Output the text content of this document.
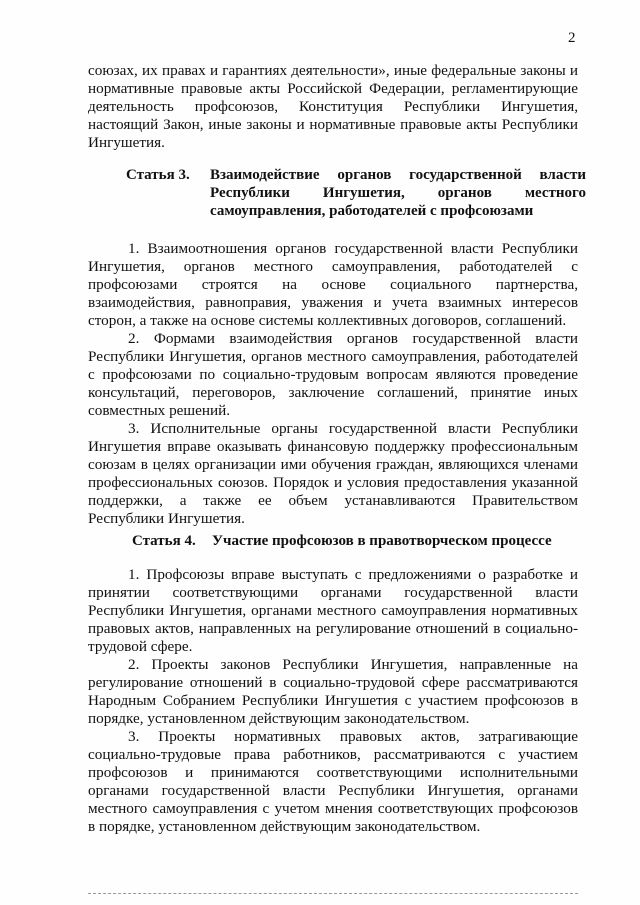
2

союзах, их правах и гарантиях деятельности», иные федеральные законы и нормативные правовые акты Российской Федерации, регламентирующие деятельность профсоюзов, Конституция Республики Ингушетия, настоящий Закон, иные законы и нормативные правовые акты Республики Ингушетия.

Статья 3.	Взаимодействие органов государственной власти Республики Ингушетия, органов местного самоуправления, работодателей с профсоюзами

1. Взаимоотношения органов государственной власти Республики Ингушетия, органов местного самоуправления, работодателей с профсоюзами строятся на основе социального партнерства, взаимодействия, равноправия, уважения и учета взаимных интересов сторон, а также на основе системы коллективных договоров, соглашений.

2. Формами взаимодействия органов государственной власти Республики Ингушетия, органов местного самоуправления, работодателей с профсоюзами по социально-трудовым вопросам являются проведение консультаций, переговоров, заключение соглашений, принятие иных совместных решений.

3. Исполнительные органы государственной власти Республики Ингушетия вправе оказывать финансовую поддержку профессиональным союзам в целях организации ими обучения граждан, являющихся членами профессиональных союзов. Порядок и условия предоставления указанной поддержки, а также ее объем устанавливаются Правительством Республики Ингушетия.

Статья 4. Участие профсоюзов в правотворческом процессе

1. Профсоюзы вправе выступать с предложениями о разработке и принятии соответствующими органами государственной власти Республики Ингушетия, органами местного самоуправления нормативных правовых актов, направленных на регулирование отношений в социально-трудовой сфере.

2. Проекты законов Республики Ингушетия, направленные на регулирование отношений в социально-трудовой сфере рассматриваются Народным Собранием Республики Ингушетия с участием профсоюзов в порядке, установленном действующим законодательством.

3. Проекты нормативных правовых актов, затрагивающие социально-трудовые права работников, рассматриваются с участием профсоюзов и принимаются соответствующими исполнительными органами государственной власти Республики Ингушетия, органами местного самоуправления с учетом мнения соответствующих профсоюзов в порядке, установленном действующим законодательством.
